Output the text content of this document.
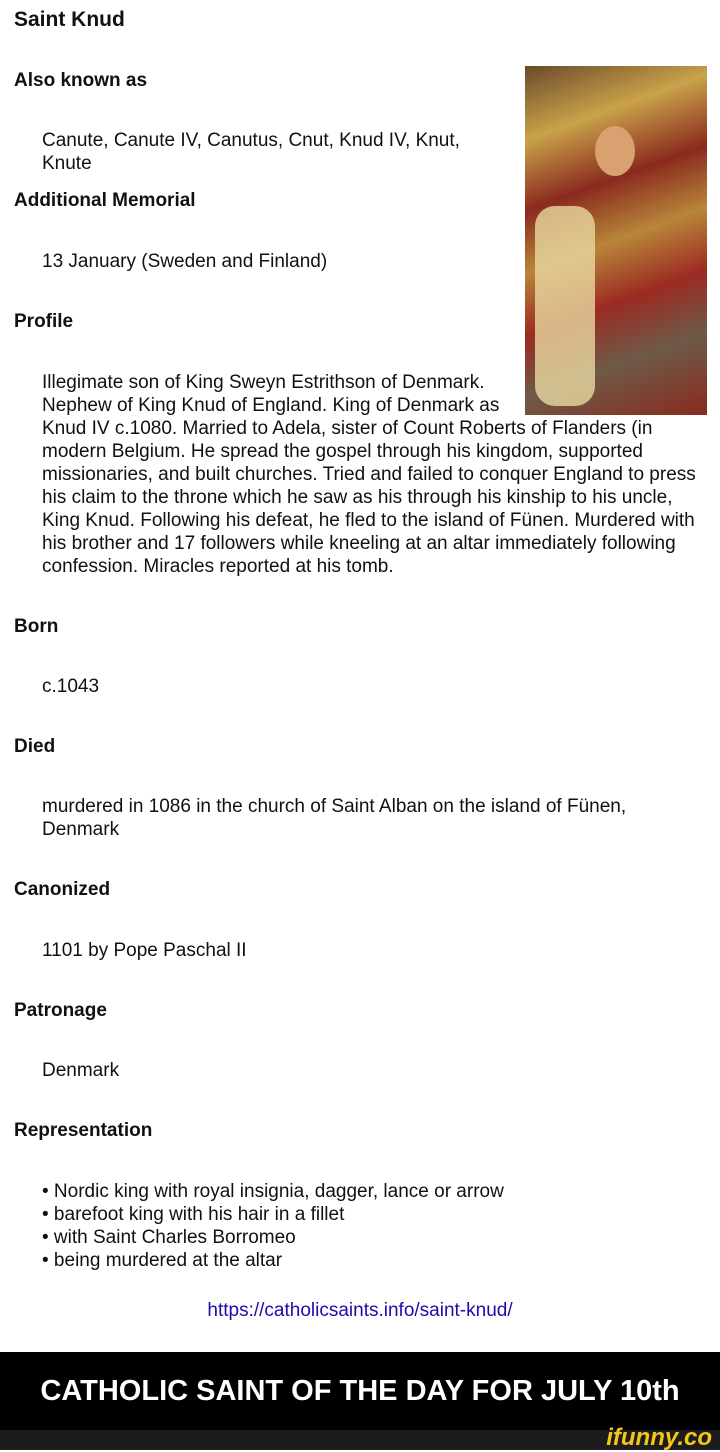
Saint Knud
Also known as
Canute, Canute IV, Canutus, Cnut, Knud IV, Knut, Knute
Additional Memorial
13 January (Sweden and Finland)
Profile
Illegimate son of King Sweyn Estrithson of Denmark. Nephew of King Knud of England. King of Denmark as Knud IV c.1080. Married to Adela, sister of Count Roberts of Flanders (in modern Belgium. He spread the gospel through his kingdom, supported missionaries, and built churches. Tried and failed to conquer England to press his claim to the throne which he saw as his through his kinship to his uncle, King Knud. Following his defeat, he fled to the island of Fünen. Murdered with his brother and 17 followers while kneeling at an altar immediately following confession. Miracles reported at his tomb.
Born
c.1043
Died
murdered in 1086 in the church of Saint Alban on the island of Fünen, Denmark
Canonized
1101 by Pope Paschal II
Patronage
Denmark
Representation
• Nordic king with royal insignia, dagger, lance or arrow
• barefoot king with his hair in a fillet
• with Saint Charles Borromeo
• being murdered at the altar
https://catholicsaints.info/saint-knud/
CATHOLIC SAINT OF THE DAY FOR JULY 10th
ifunny.co
